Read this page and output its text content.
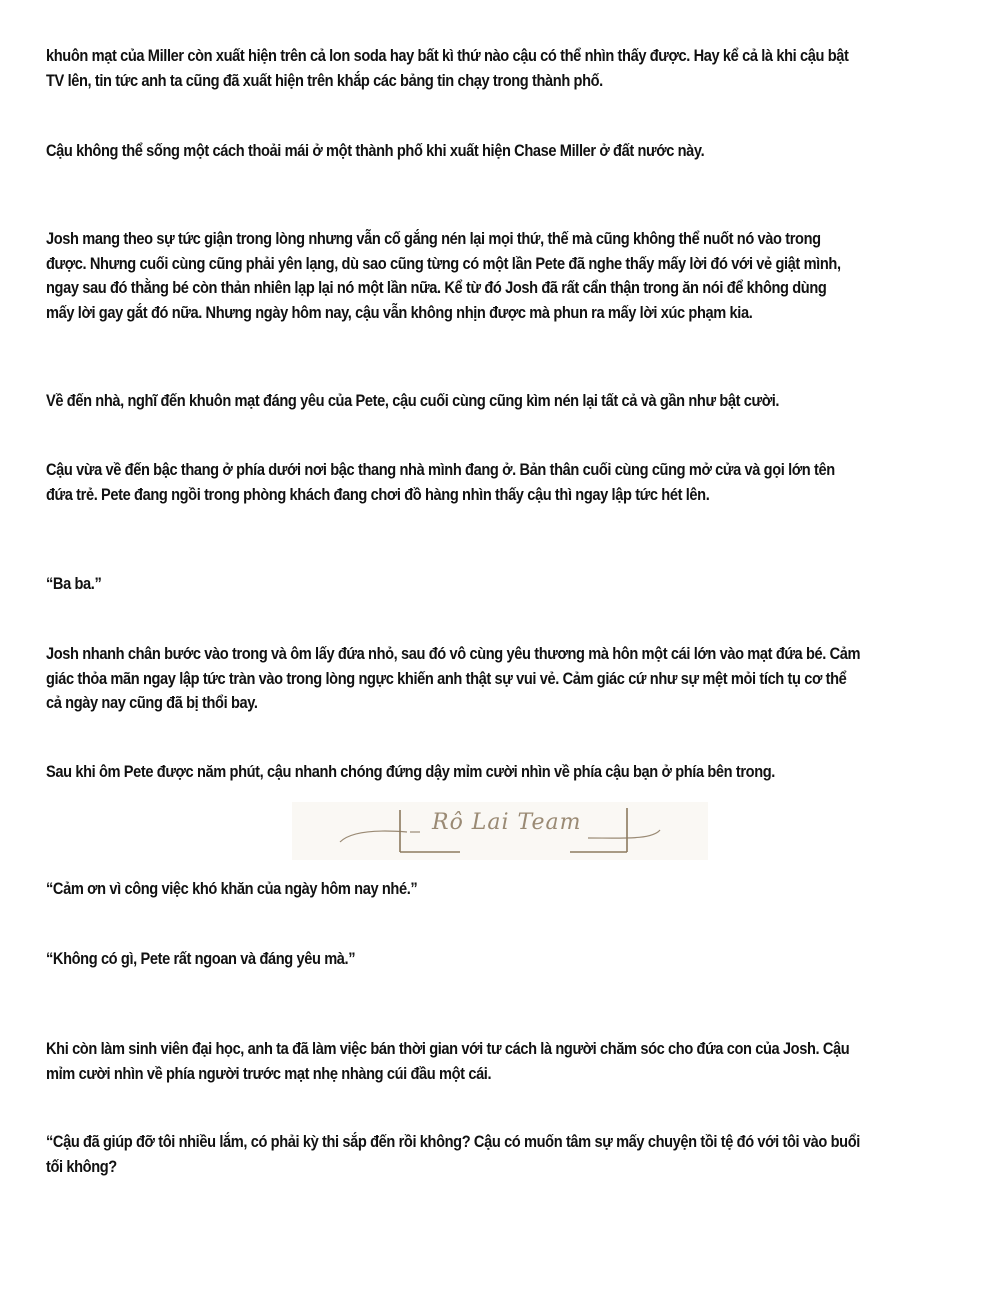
khuôn mạt của Miller còn xuất hiện trên cả lon soda hay bất kì thứ nào cậu có thể nhìn thấy được. Hay kể cả là khi cậu bật
TV lên, tin tức anh ta cũng đã xuất hiện trên khắp các bảng tin chạy trong thành phố.
Cậu không thể sống một cách thoải mái ở một thành phố khi xuất hiện Chase Miller ở đất nước này.
Josh mang theo sự tức giận trong lòng nhưng vẫn cố gắng nén lại mọi thứ, thế mà cũng không thể nuốt nó vào trong
được. Nhưng cuối cùng cũng phải yên lạng, dù sao cũng từng có một lần Pete đã nghe thấy mấy lời đó với vẻ giật mình,
ngay sau đó thằng bé còn thản nhiên lạp lại nó một lần nữa. Kể từ đó Josh đã rất cẩn thận trong ăn nói để không dùng
mấy lời gay gắt đó nữa. Nhưng ngày hôm nay, cậu vẫn không nhịn được mà phun ra mấy lời xúc phạm kia.
Về đến nhà, nghĩ đến khuôn mạt đáng yêu của Pete, cậu cuối cùng cũng kìm nén lại tất cả và gần như bật cười.
Cậu vừa về đến bậc thang ở phía dưới nơi bậc thang nhà mình đang ở. Bản thân cuối cùng cũng mở cửa và gọi lớn tên
đứa trẻ. Pete đang ngồi trong phòng khách đang chơi đồ hàng nhìn thấy cậu thì ngay lập tức hét lên.
“Ba ba.”
Josh nhanh chân bước vào trong và ôm lấy đứa nhỏ, sau đó vô cùng yêu thương mà hôn một cái lớn vào mạt đứa bé. Cảm
giác thỏa mãn ngay lập tức tràn vào trong lòng ngực khiến anh thật sự vui vẻ. Cảm giác cứ như sự mệt mỏi tích tụ cơ thể
cả ngày nay cũng đã bị thổi bay.
Sau khi ôm Pete được năm phút, cậu nhanh chóng đứng dậy mỉm cười nhìn về phía cậu bạn ở phía bên trong.
Rô Lai Team
“Cảm ơn vì công việc khó khăn của ngày hôm nay nhé.”
“Không có gì, Pete rất ngoan và đáng yêu mà.”
Khi còn làm sinh viên đại học, anh ta đã làm việc bán thời gian với tư cách là người chăm sóc cho đứa con của Josh. Cậu
mỉm cười nhìn về phía người trước mạt nhẹ nhàng cúi đầu một cái.
“Cậu đã giúp đỡ tôi nhiều lắm, có phải kỳ thi sắp đến rồi không? Cậu có muốn tâm sự mấy chuyện tồi tệ đó với tôi vào buổi
tối không?
